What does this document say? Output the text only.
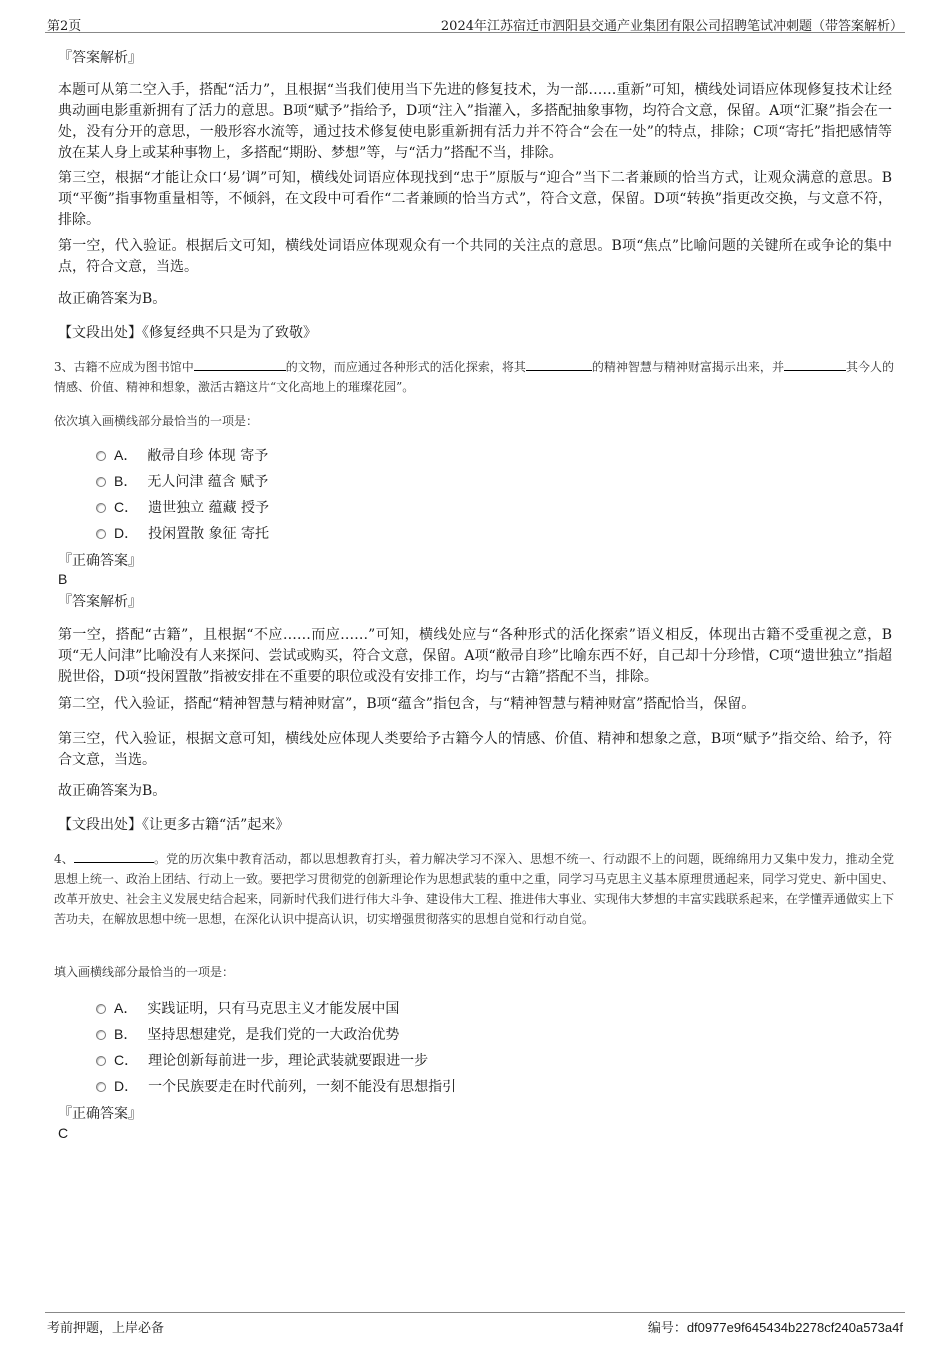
第2页	2024年江苏宿迁市泗阳县交通产业集团有限公司招聘笔试冲刺题（带答案解析）
『答案解析』
本题可从第二空入手，搭配“活力”，且根据“当我们使用当下先进的修复技术，为一部……重新”可知，横线处词语应体现修复技术让经典动画电影重新拥有了活力的意思。B项“赋予”指给予，D项“注入”指灌入，多搭配抽象事物，均符合文意，保留。A项“汇聚”指会在一处，没有分开的意思，一般形容水流等，通过技术修复使电影重新拥有活力并不符合“会在一处”的特点，排除；C项“寄托”指把感情等放在某人身上或某种事物上，多搭配“期盼、梦想”等，与“活力”搭配不当，排除。
第三空，根据“才能让众口‘易’调”可知，横线处词语应体现找到“忠于”原版与“迎合”当下二者兼顾的恰当方式，让观众满意的意思。B项“平衡”指事物重量相等，不倾斜，在文段中可看作“二者兼顾的恰当方式”，符合文意，保留。D项“转换”指更改交换，与文意不符，排除。
第一空，代入验证。根据后文可知，横线处词语应体现观众有一个共同的关注点的意思。B项“焦点”比喻问题的关键所在或争论的集中点，符合文意，当选。
故正确答案为B。
【文段出处】《修复经典不只是为了致敬》
3、古籍不应成为图书馆中	的文物，而应通过各种形式的活化探索，将其	的精神智慧与精神财富揭示出来，并	其今人的情感、价值、精神和想象，激活古籍这片“文化高地上的璀璨花园”。
依次填入画横线部分最恰当的一项是：
A． 敝帚自珍 体现 寄予
B． 无人问津 蕴含 赋予
C． 遗世独立 蕴藏 授予
D． 投闲置散 象征 寄托
『正确答案』
B
『答案解析』
第一空，搭配“古籍”，且根据“不应……而应……”可知，横线处应与“各种形式的活化探索”语义相反，体现出古籍不受重视之意，B项“无人问津”比喻没有人来探问、尝试或购买，符合文意，保留。A项“敝帚自珍”比喻东西不好，自己却十分珍惜，C项“遗世独立”指超脱世俗，D项“投闲置散”指被安排在不重要的职位或没有安排工作，均与“古籍”搭配不当，排除。
第二空，代入验证，搭配“精神智慧与精神财富”，B项“蕴含”指包含，与“精神智慧与精神财富”搭配恰当，保留。
第三空，代入验证，根据文意可知，横线处应体现人类要给予古籍今人的情感、价值、精神和想象之意，B项“赋予”指交给、给予，符合文意，当选。
故正确答案为B。
【文段出处】《让更多古籍“活”起来》
4、	。党的历次集中教育活动，都以思想教育打头，着力解决学习不深入、思想不统一、行动跟不上的问题，既绵绵用力又集中发力，推动全党思想上统一、政治上团结、行动上一致。要把学习贯彻党的创新理论作为思想武装的重中之重，同学习马克思主义基本原理贯通起来，同学习党史、新中国史、改革开放史、社会主义发展史结合起来，同新时代我们进行伟大斗争、建设伟大工程、推进伟大事业、实现伟大梦想的丰富实践联系起来，在学懂弄通做实上下苦功夫，在解放思想中统一思想，在深化认识中提高认识，切实增强贯彻落实的思想自觉和行动自觉。
填入画横线部分最恰当的一项是：
A． 实践证明，只有马克思主义才能发展中国
B． 坚持思想建党，是我们党的一大政治优势
C． 理论创新每前进一步，理论武装就要跟进一步
D． 一个民族要走在时代前列，一刻不能没有思想指引
『正确答案』
C
考前押题，上岸必备	编号：df0977e9f645434b2278cf240a573a4f
